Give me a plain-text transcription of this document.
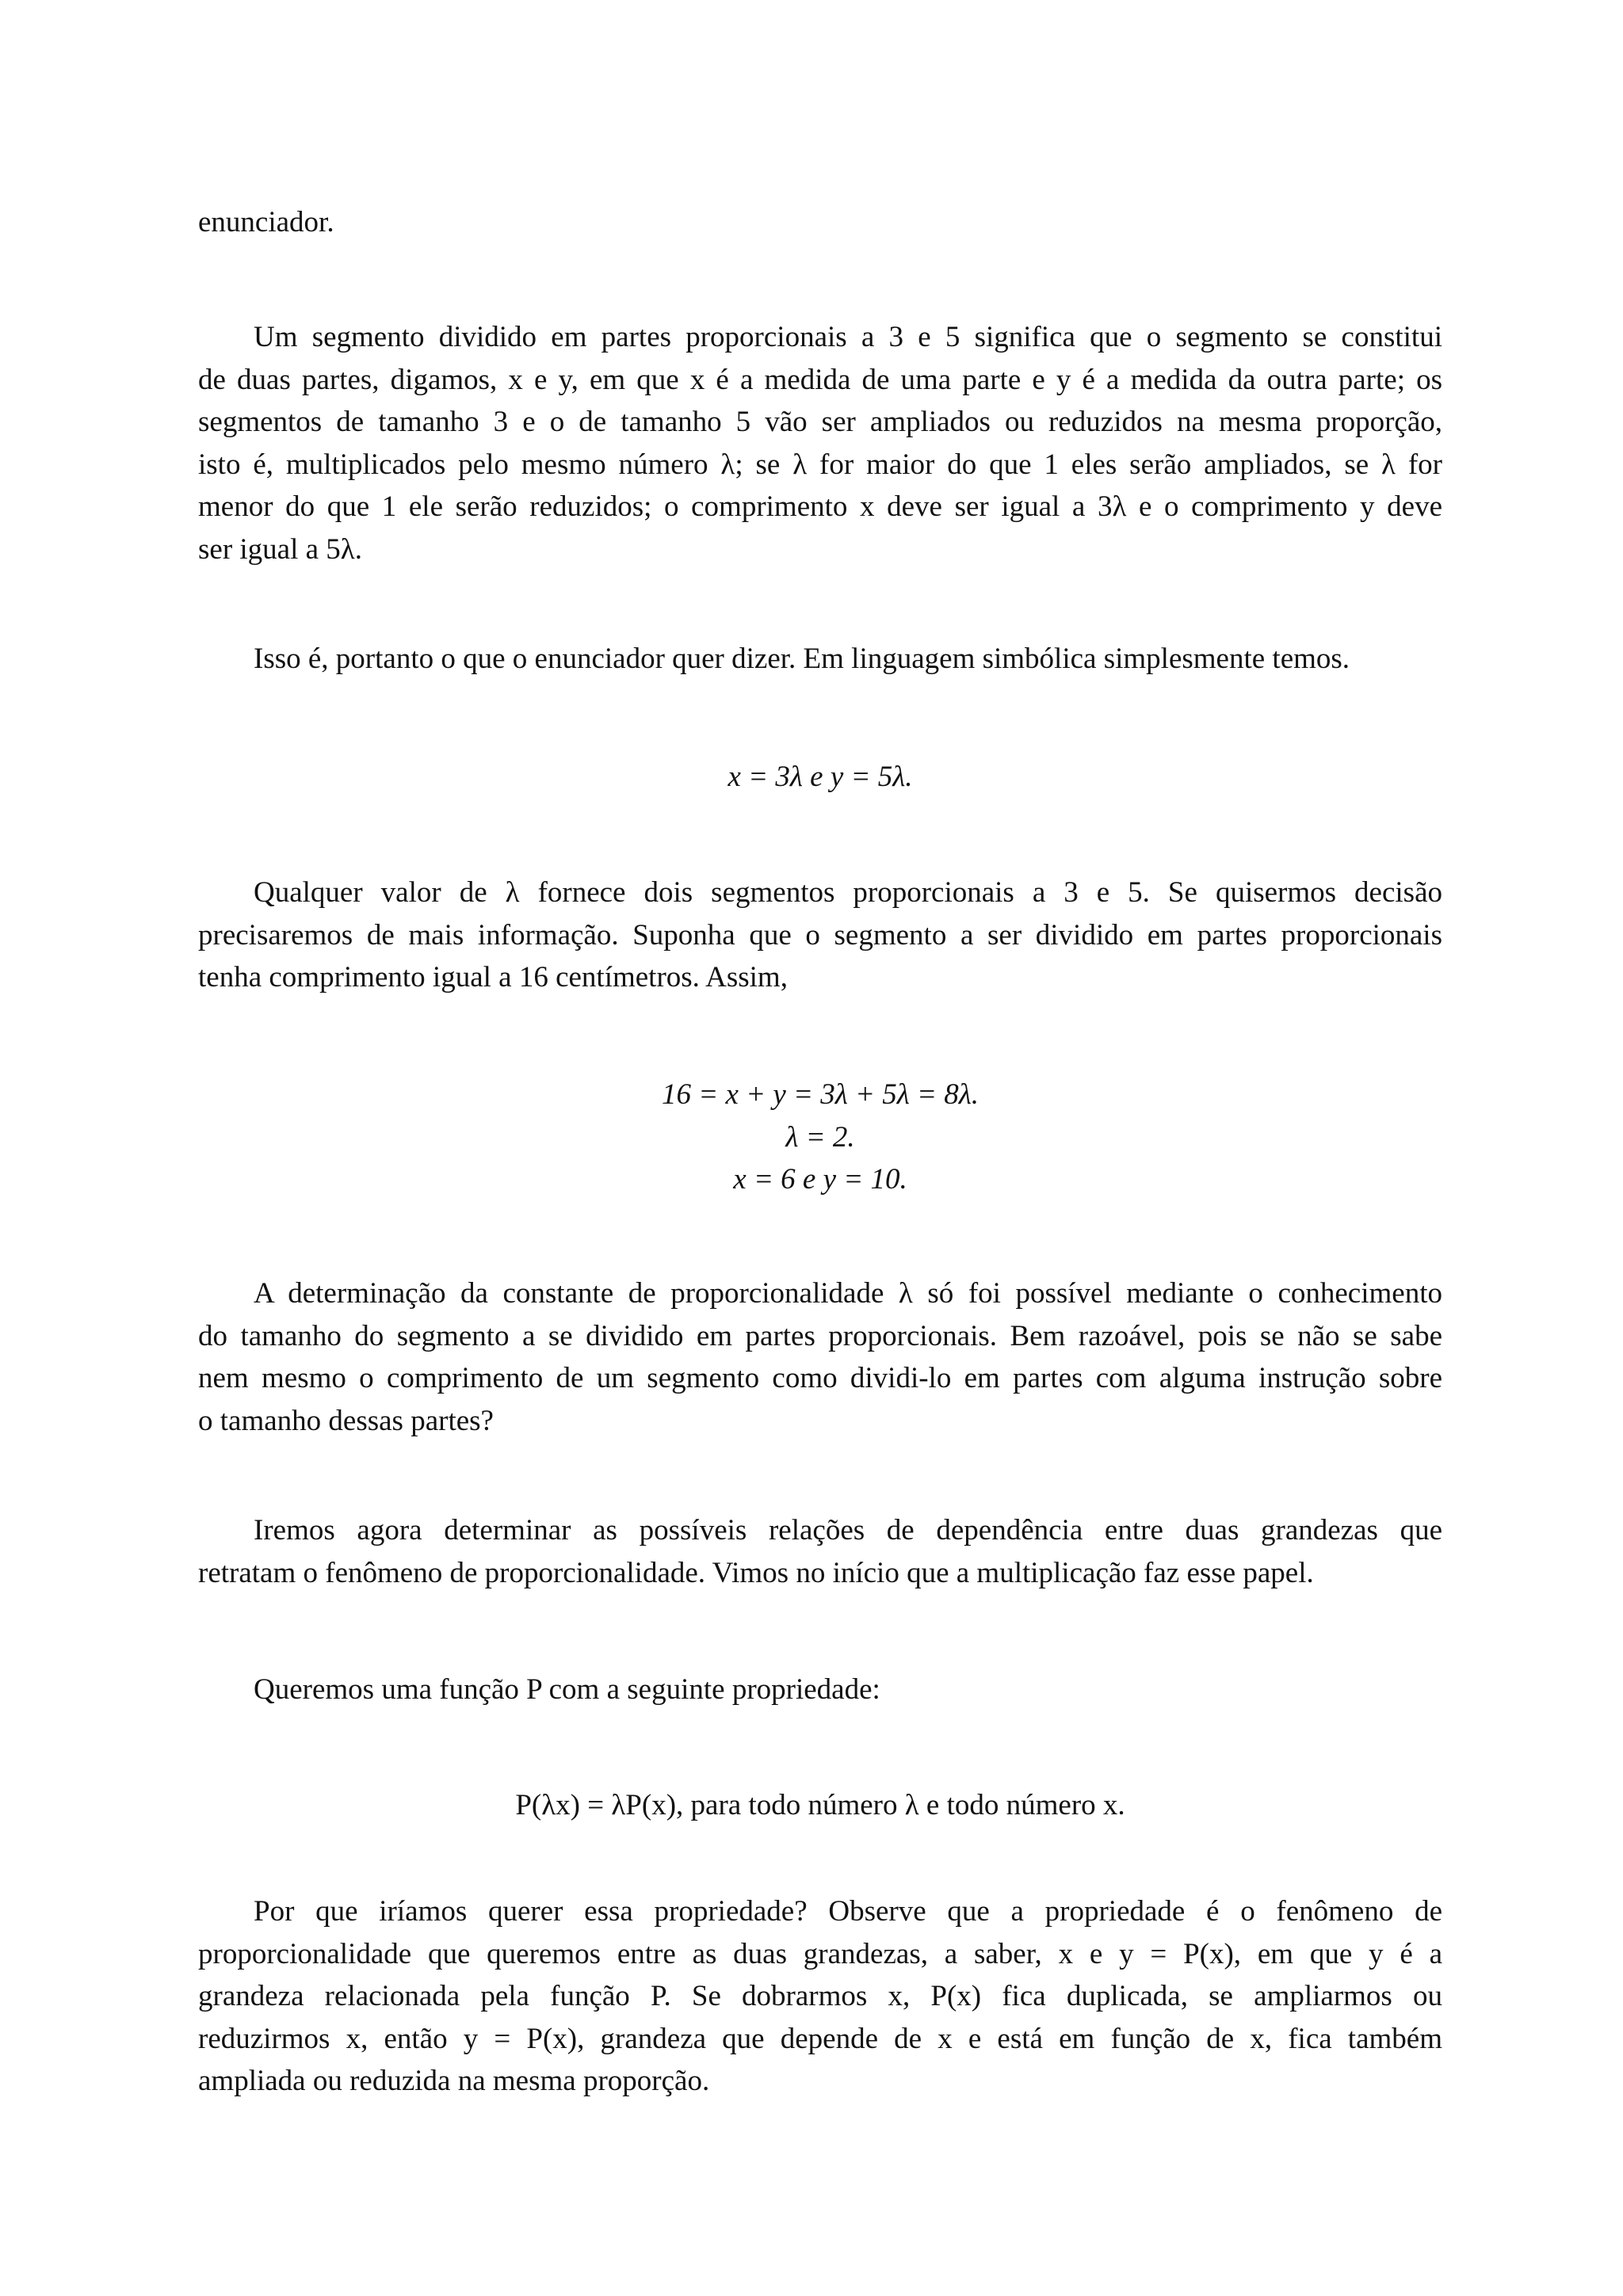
enunciador.
Um segmento dividido em partes proporcionais a 3 e 5 significa que o segmento se constitui
de duas partes, digamos, x e y, em que x é a medida de uma parte e y é a medida da outra parte; os
segmentos de tamanho 3 e o de tamanho 5 vão ser ampliados ou reduzidos na mesma proporção,
isto é, multiplicados pelo mesmo número λ; se λ for maior do que 1 eles serão ampliados, se λ for
menor do que 1 ele serão reduzidos; o comprimento x deve ser igual a 3λ e o comprimento y deve
ser igual a 5λ.
Isso é, portanto o que o enunciador quer dizer. Em linguagem simbólica simplesmente temos.
x = 3λ e y = 5λ.
Qualquer valor de λ fornece dois segmentos proporcionais a 3 e 5. Se quisermos decisão
precisaremos de mais informação. Suponha que o segmento a ser dividido em partes proporcionais
tenha comprimento igual a 16 centímetros. Assim,
16 = x + y = 3λ + 5λ = 8λ.
λ = 2.
x = 6 e y = 10.
A determinação da constante de proporcionalidade λ só foi possível mediante o conhecimento
do tamanho do segmento a se dividido em partes proporcionais. Bem razoável, pois se não se sabe
nem mesmo o comprimento de um segmento como dividi-lo em partes com alguma instrução sobre
o tamanho dessas partes?
Iremos agora determinar as possíveis relações de dependência entre duas grandezas que
retratam o fenômeno de proporcionalidade. Vimos no início que a multiplicação faz esse papel.
Queremos uma função P com a seguinte propriedade:
P(λx) = λP(x), para todo número λ e todo número x.
Por que iríamos querer essa propriedade? Observe que a propriedade é o fenômeno de
proporcionalidade que queremos entre as duas grandezas, a saber, x e y = P(x), em que y é a
grandeza relacionada pela função P. Se dobrarmos x, P(x) fica duplicada, se ampliarmos ou
reduzirmos x, então y = P(x), grandeza que depende de x e está em função de x, fica também
ampliada ou reduzida na mesma proporção.
